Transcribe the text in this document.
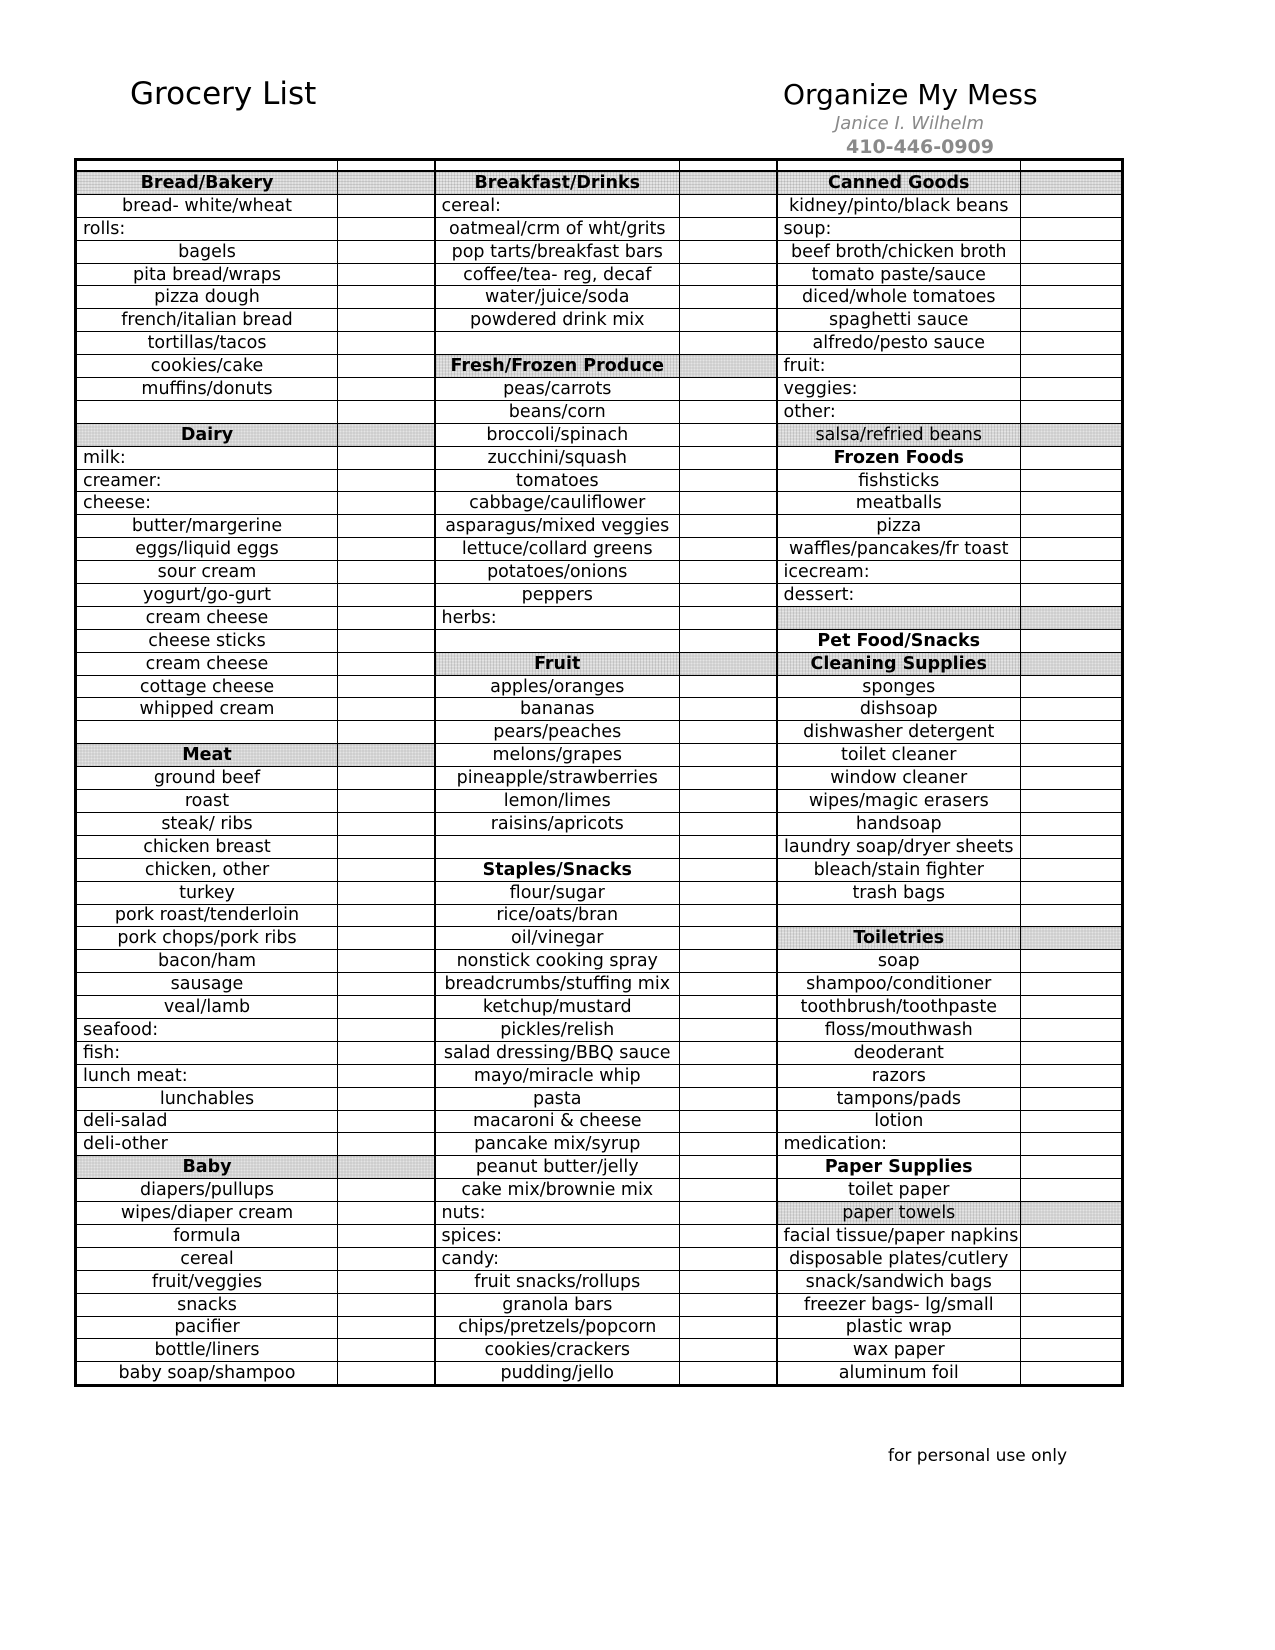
Grocery List	Organize My Mess
Janice I. Wilhelm
410-446-0909

Bread/Bakery		Breakfast/Drinks		Canned Goods	
bread- white/wheat		cereal:		kidney/pinto/black beans	
rolls:		oatmeal/crm of wht/grits		soup:	
bagels		pop tarts/breakfast bars		beef broth/chicken broth	
pita bread/wraps		coffee/tea- reg, decaf		tomato paste/sauce	
pizza dough		water/juice/soda		diced/whole tomatoes	
french/italian bread		powdered drink mix		spaghetti sauce	
tortillas/tacos				alfredo/pesto sauce	
cookies/cake		Fresh/Frozen Produce		fruit:	
muffins/donuts		peas/carrots		veggies:	
		beans/corn		other:	
Dairy		broccoli/spinach		salsa/refried beans	
milk:		zucchini/squash		Frozen Foods	
creamer:		tomatoes		fishsticks	
cheese:		cabbage/cauliflower		meatballs	
butter/margerine		asparagus/mixed veggies		pizza	
eggs/liquid eggs		lettuce/collard greens		waffles/pancakes/fr toast	
sour cream		potatoes/onions		icecream:	
yogurt/go-gurt		peppers		dessert:	
cream cheese		herbs:			
cheese sticks				Pet Food/Snacks	
cream cheese		Fruit		Cleaning Supplies	
cottage cheese		apples/oranges		sponges	
whipped cream		bananas		dishsoap	
		pears/peaches		dishwasher detergent	
Meat		melons/grapes		toilet cleaner	
ground beef		pineapple/strawberries		window cleaner	
roast		lemon/limes		wipes/magic erasers	
steak/ ribs		raisins/apricots		handsoap	
chicken breast				laundry soap/dryer sheets	
chicken, other		Staples/Snacks		bleach/stain fighter	
turkey		flour/sugar		trash bags	
pork roast/tenderloin		rice/oats/bran			
pork chops/pork ribs		oil/vinegar		Toiletries	
bacon/ham		nonstick cooking spray		soap	
sausage		breadcrumbs/stuffing mix		shampoo/conditioner	
veal/lamb		ketchup/mustard		toothbrush/toothpaste	
seafood:		pickles/relish		floss/mouthwash	
fish:		salad dressing/BBQ sauce		deoderant	
lunch meat:		mayo/miracle whip		razors	
lunchables		pasta		tampons/pads	
deli-salad		macaroni & cheese		lotion	
deli-other		pancake mix/syrup		medication:	
Baby		peanut butter/jelly		Paper Supplies	
diapers/pullups		cake mix/brownie mix		toilet paper	
wipes/diaper cream		nuts:		paper towels	
formula		spices:		facial tissue/paper napkins	
cereal		candy:		disposable plates/cutlery	
fruit/veggies		fruit snacks/rollups		snack/sandwich bags	
snacks		granola bars		freezer bags- lg/small	
pacifier		chips/pretzels/popcorn		plastic wrap	
bottle/liners		cookies/crackers		wax paper	
baby soap/shampoo		pudding/jello		aluminum foil	
for personal use only
